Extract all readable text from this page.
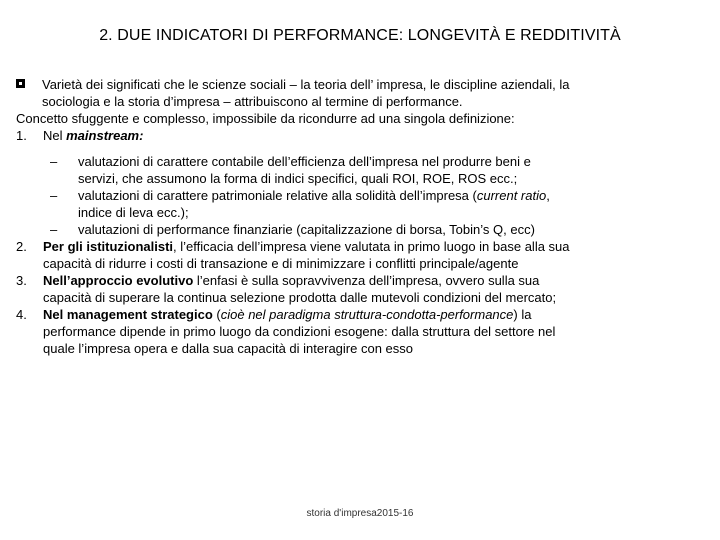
2. DUE INDICATORI DI PERFORMANCE: LONGEVITÀ E REDDITIVITÀ
Varietà dei significati che le scienze sociali – la teoria dell’ impresa, le discipline aziendali, la
sociologia e la storia d’impresa – attribuiscono al termine di performance.
Concetto sfuggente e complesso, impossibile da ricondurre ad una singola definizione:
1. Nel mainstream:
– valutazioni di carattere contabile dell’efficienza dell’impresa nel produrre beni e
servizi, che assumono la forma di indici specifici, quali ROI, ROE, ROS ecc.;
– valutazioni di carattere patrimoniale relative alla solidità dell’impresa (current ratio,
indice di leva ecc.);
– valutazioni di performance finanziarie (capitalizzazione di borsa, Tobin’s Q, ecc)
2. Per gli istituzionalisti, l’efficacia dell’impresa viene valutata in primo luogo in base alla sua
capacità di ridurre i costi di transazione e di minimizzare i conflitti principale/agente
3. Nell’approccio evolutivo l’enfasi è sulla sopravvivenza dell’impresa, ovvero sulla sua
capacità di superare la continua selezione prodotta dalle mutevoli condizioni del mercato;
4. Nel management strategico (cioè nel paradigma struttura-condotta-performance) la
performance dipende in primo luogo da condizioni esogene: dalla struttura del settore nel
quale l’impresa opera e dalla sua capacità di interagire con esso
storia d'impresa2015-16
